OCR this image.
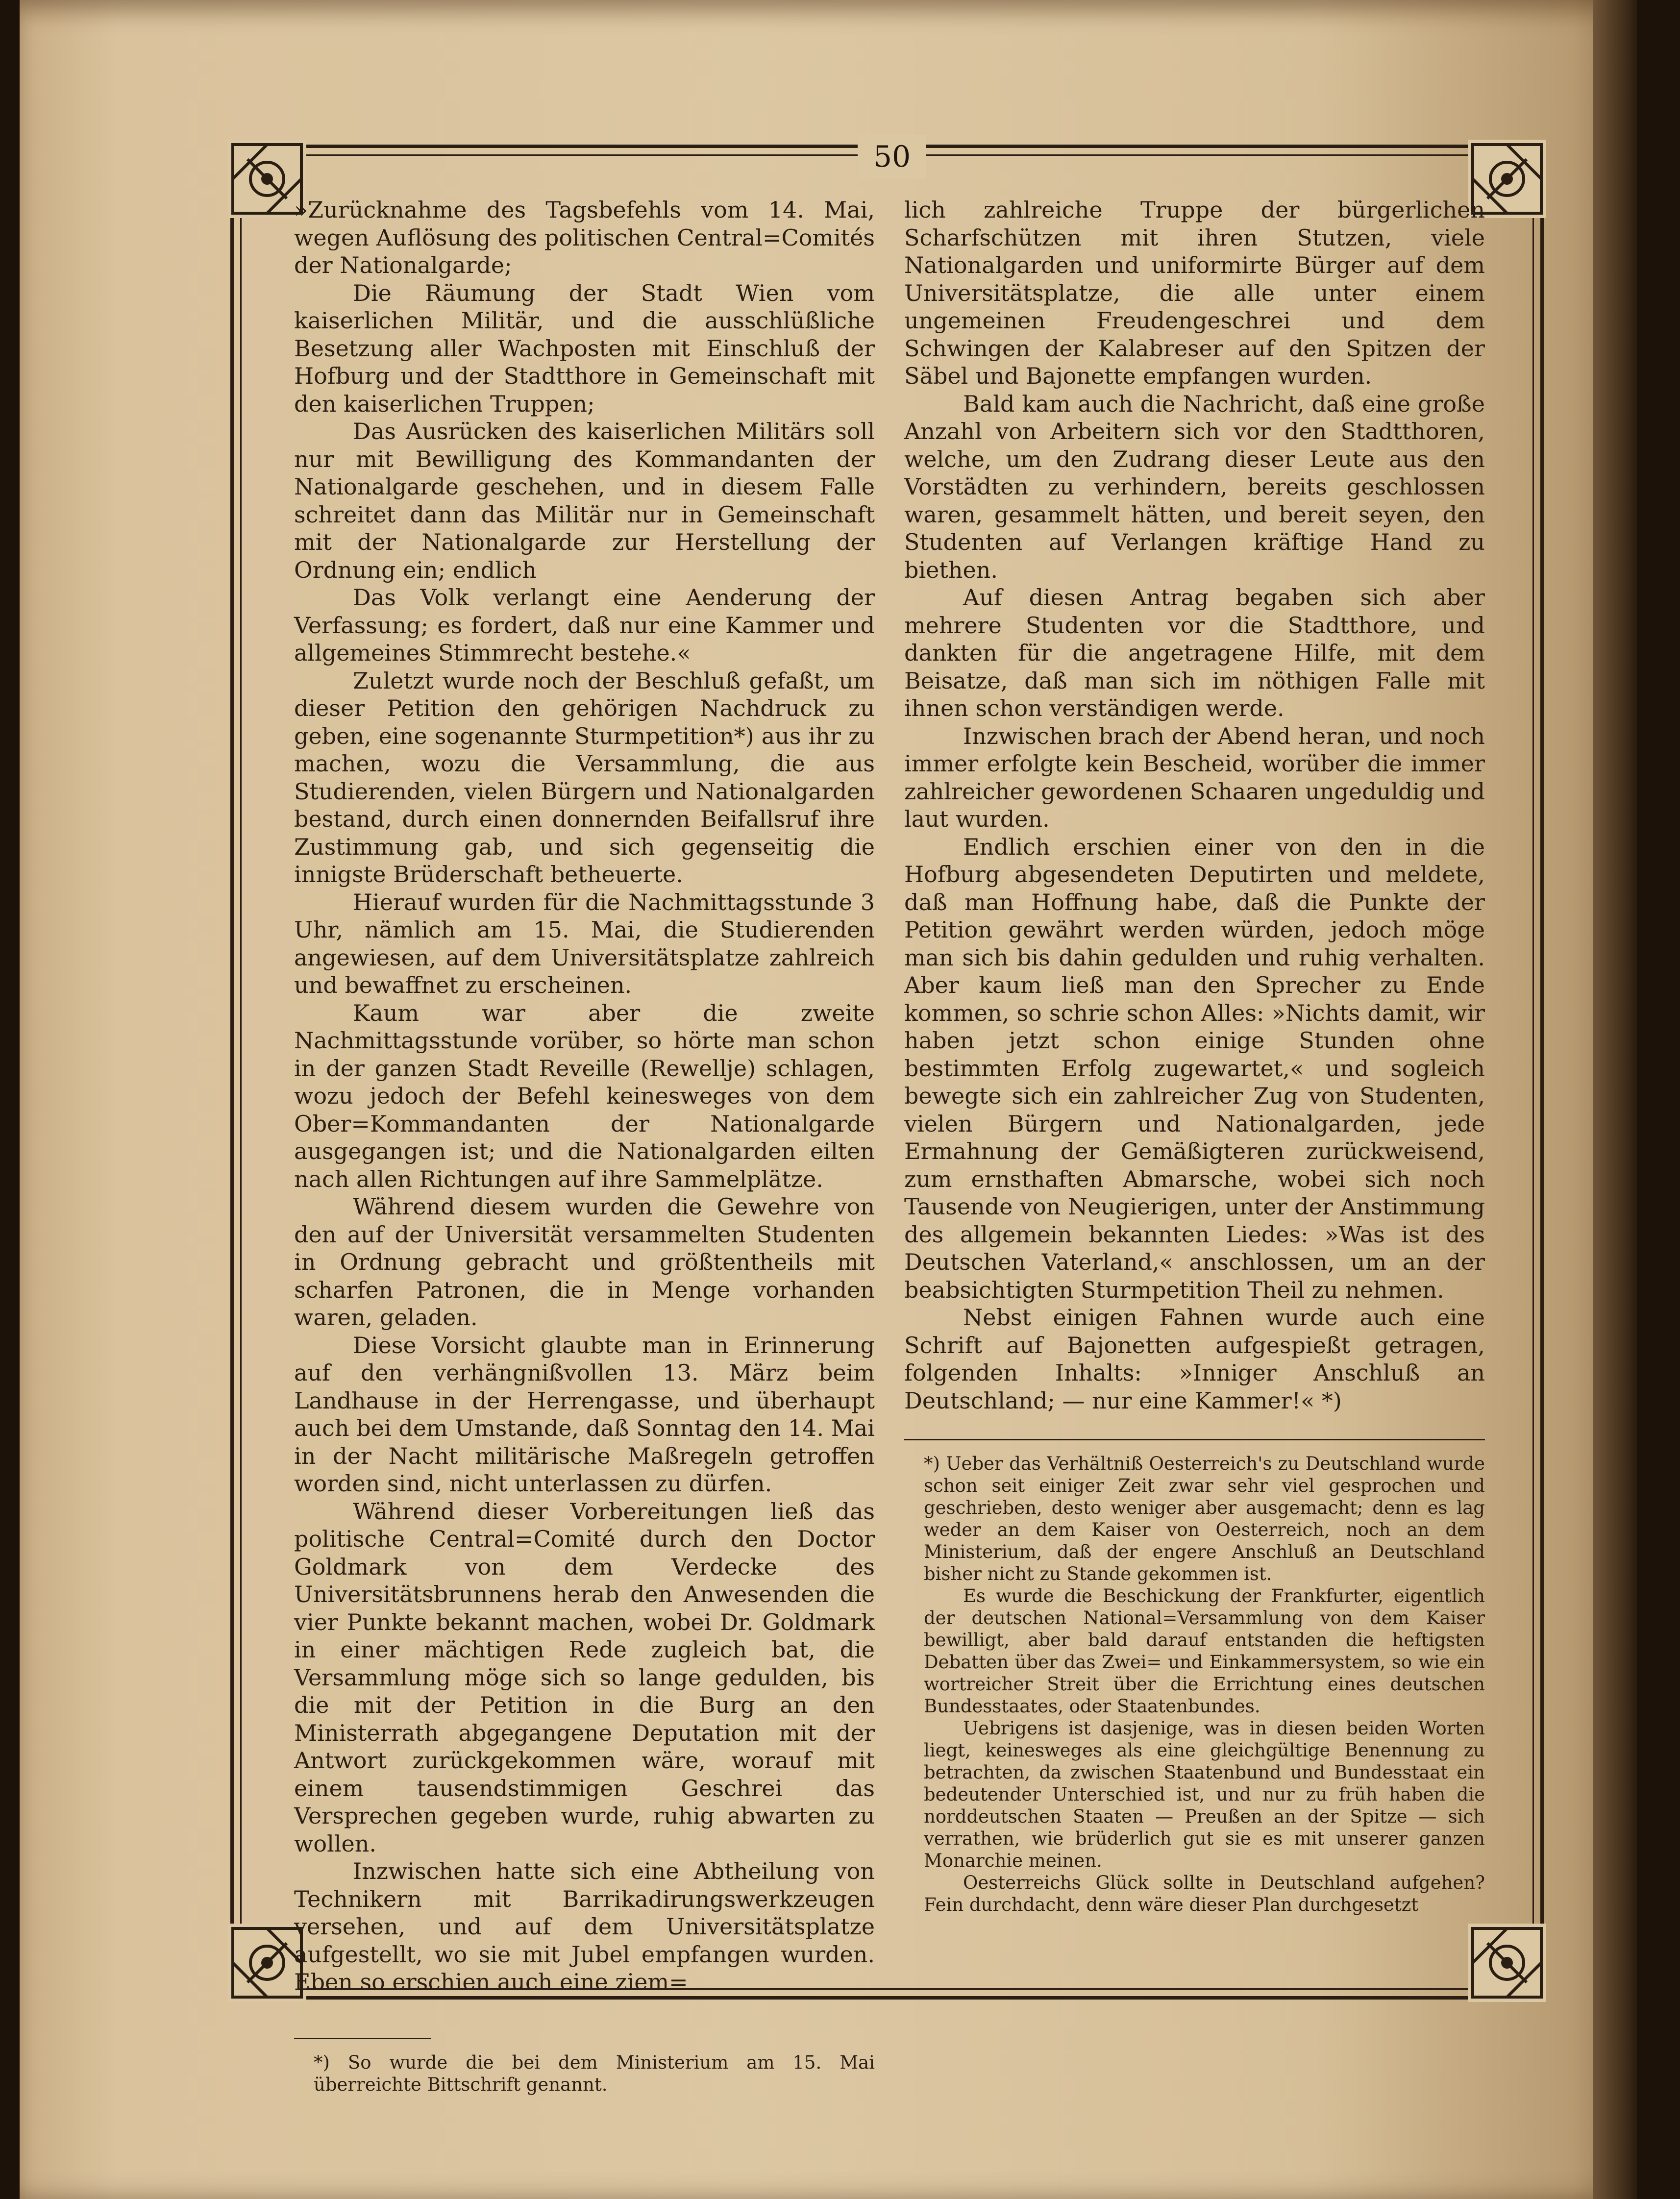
50

»Zurücknahme des Tagsbefehls vom 14. Mai, wegen Auflösung des politischen Central=Comités der Nationalgarde;

Die Räumung der Stadt Wien vom kaiserlichen Militär, und die ausschlüßliche Besetzung aller Wachposten mit Einschluß der Hofburg und der Stadtthore in Gemeinschaft mit den kaiserlichen Truppen;

Das Ausrücken des kaiserlichen Militärs soll nur mit Bewilligung des Kommandanten der Nationalgarde geschehen, und in diesem Falle schreitet dann das Militär nur in Gemeinschaft mit der Nationalgarde zur Herstellung der Ordnung ein; endlich

Das Volk verlangt eine Aenderung der Verfassung; es fordert, daß nur eine Kammer und allgemeines Stimmrecht bestehe.«

Zuletzt wurde noch der Beschluß gefaßt, um dieser Petition den gehörigen Nachdruck zu geben, eine sogenannte Sturmpetition*) aus ihr zu machen, wozu die Versammlung, die aus Studierenden, vielen Bürgern und Nationalgarden bestand, durch einen donnernden Beifallsruf ihre Zustimmung gab, und sich gegenseitig die innigste Brüderschaft betheuerte.

Hierauf wurden für die Nachmittagsstunde 3 Uhr, nämlich am 15. Mai, die Studierenden angewiesen, auf dem Universitätsplatze zahlreich und bewaffnet zu erscheinen.

Kaum war aber die zweite Nachmittagsstunde vorüber, so hörte man schon in der ganzen Stadt Reveille (Rewellje) schlagen, wozu jedoch der Befehl keinesweges von dem Ober=Kommandanten der Nationalgarde ausgegangen ist; und die Nationalgarden eilten nach allen Richtungen auf ihre Sammelplätze.

Während diesem wurden die Gewehre von den auf der Universität versammelten Studenten in Ordnung gebracht und größtentheils mit scharfen Patronen, die in Menge vorhanden waren, geladen.

Diese Vorsicht glaubte man in Erinnerung auf den verhängnißvollen 13. März beim Landhause in der Herrengasse, und überhaupt auch bei dem Umstande, daß Sonntag den 14. Mai in der Nacht militärische Maßregeln getroffen worden sind, nicht unterlassen zu dürfen.

Während dieser Vorbereitungen ließ das politische Central=Comité durch den Doctor Goldmark von dem Verdecke des Universitätsbrunnens herab den Anwesenden die vier Punkte bekannt machen, wobei Dr. Goldmark in einer mächtigen Rede zugleich bat, die Versammlung möge sich so lange gedulden, bis die mit der Petition in die Burg an den Ministerrath abgegangene Deputation mit der Antwort zurückgekommen wäre, worauf mit einem tausendstimmigen Geschrei das Versprechen gegeben wurde, ruhig abwarten zu wollen.

Inzwischen hatte sich eine Abtheilung von Technikern mit Barrikadirungswerkzeugen versehen, und auf dem Universitätsplatze aufgestellt, wo sie mit Jubel empfangen wurden. Eben so erschien auch eine ziem=

*) So wurde die bei dem Ministerium am 15. Mai überreichte Bittschrift genannt.

lich zahlreiche Truppe der bürgerlichen Scharfschützen mit ihren Stutzen, viele Nationalgarden und uniformirte Bürger auf dem Universitätsplatze, die alle unter einem ungemeinen Freudengeschrei und dem Schwingen der Kalabreser auf den Spitzen der Säbel und Bajonette empfangen wurden.

Bald kam auch die Nachricht, daß eine große Anzahl von Arbeitern sich vor den Stadtthoren, welche, um den Zudrang dieser Leute aus den Vorstädten zu verhindern, bereits geschlossen waren, gesammelt hätten, und bereit seyen, den Studenten auf Verlangen kräftige Hand zu biethen.

Auf diesen Antrag begaben sich aber mehrere Studenten vor die Stadtthore, und dankten für die angetragene Hilfe, mit dem Beisatze, daß man sich im nöthigen Falle mit ihnen schon verständigen werde.

Inzwischen brach der Abend heran, und noch immer erfolgte kein Bescheid, worüber die immer zahlreicher gewordenen Schaaren ungeduldig und laut wurden.

Endlich erschien einer von den in die Hofburg abgesendeten Deputirten und meldete, daß man Hoffnung habe, daß die Punkte der Petition gewährt werden würden, jedoch möge man sich bis dahin gedulden und ruhig verhalten. Aber kaum ließ man den Sprecher zu Ende kommen, so schrie schon Alles: »Nichts damit, wir haben jetzt schon einige Stunden ohne bestimmten Erfolg zugewartet,« und sogleich bewegte sich ein zahlreicher Zug von Studenten, vielen Bürgern und Nationalgarden, jede Ermahnung der Gemäßigteren zurückweisend, zum ernsthaften Abmarsche, wobei sich noch Tausende von Neugierigen, unter der Anstimmung des allgemein bekannten Liedes: »Was ist des Deutschen Vaterland,« anschlossen, um an der beabsichtigten Sturmpetition Theil zu nehmen.

Nebst einigen Fahnen wurde auch eine Schrift auf Bajonetten aufgespießt getragen, folgenden Inhalts: »Inniger Anschluß an Deutschland; — nur eine Kammer!« *)

*) Ueber das Verhältniß Oesterreich's zu Deutschland wurde schon seit einiger Zeit zwar sehr viel gesprochen und geschrieben, desto weniger aber ausgemacht; denn es lag weder an dem Kaiser von Oesterreich, noch an dem Ministerium, daß der engere Anschluß an Deutschland bisher nicht zu Stande gekommen ist.

Es wurde die Beschickung der Frankfurter, eigentlich der deutschen National=Versammlung von dem Kaiser bewilligt, aber bald darauf entstanden die heftigsten Debatten über das Zwei= und Einkammersystem, so wie ein wortreicher Streit über die Errichtung eines deutschen Bundesstaates, oder Staatenbundes.

Uebrigens ist dasjenige, was in diesen beiden Worten liegt, keinesweges als eine gleichgültige Benennung zu betrachten, da zwischen Staatenbund und Bundesstaat ein bedeutender Unterschied ist, und nur zu früh haben die norddeutschen Staaten — Preußen an der Spitze — sich verrathen, wie brüderlich gut sie es mit unserer ganzen Monarchie meinen.

Oesterreichs Glück sollte in Deutschland aufgehen? Fein durchdacht, denn wäre dieser Plan durchgesetzt
